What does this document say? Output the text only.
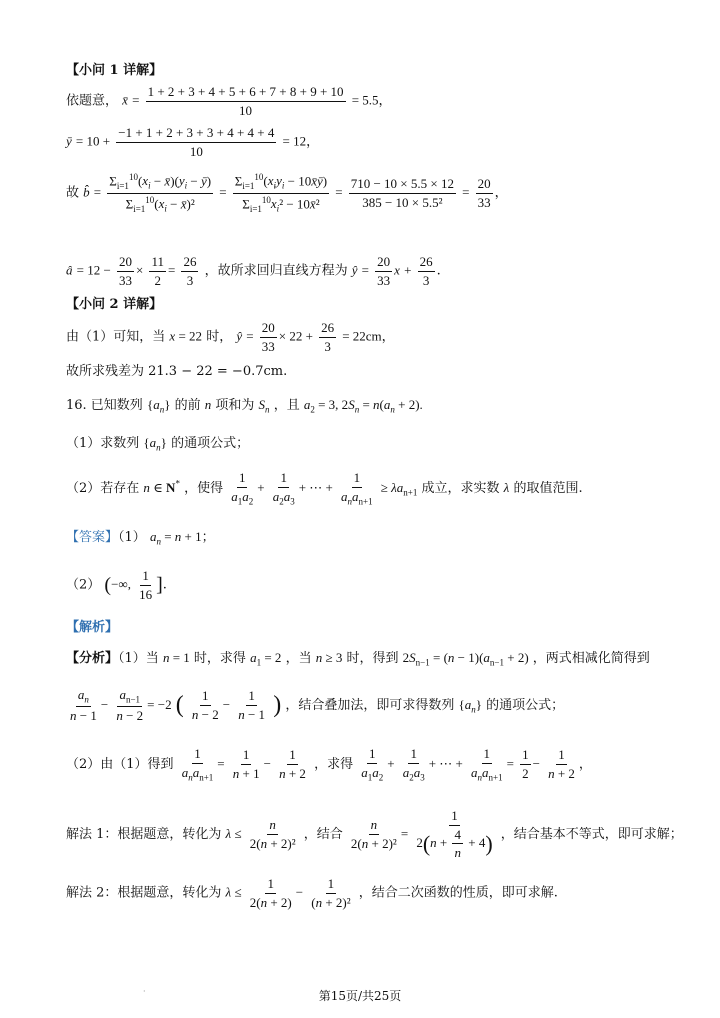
【小问 1 详解】
依题意， x̄ = $\frac{1 + 2 + 3 + 4 + 5 + 6 + 7 + 8 + 9 + 10}{10} = 5.5$，
ȳ = $10 + \frac{-1 + 1 + 2 + 3 + 3 + 4 + 4 + 4}{10} = 12$，
故 b̂ = $\frac{\Sigma_{i=1}^{10}(x_i - x̄)(y_i - ȳ)}{\Sigma_{i=1}^{10}(x_i - x̄)^2} = \frac{\Sigma_{i=1}^{10}(x_iy_i - 10x̄ȳ)}{\Sigma_{i=1}^{10}x_i^2 - 10x̄^2} = \frac{710 - 10 \times 5.5 \times 12}{\text{385 − 10 × 5.5²}} = \frac{20}{33}$ ，
â = $12 - \frac{20}{33} \times \frac{11}{2} = \frac{26}{3}$ ，故所求回归直线方程为 ŷ = $\frac{20}{33}$ $x + \frac{26}{3}$ .
【小问 2 详解】
由（1）可知，当 x = 22 时， ŷ = $\frac{20}{33} \times 22 + \frac{26}{3} = 22cm$，
故所求残差为 21.3 − 22 = −0.7cm.
16. 已知数列 $\{a_n\}$ 的前 n 项和为 $S_n$ ，且 $a_2 = 3$, $2S_n = n(a_n + 2)$.
（1）求数列 $\{a_n\}$ 的通项公式；
（2）若存在 n ∈ N* ，使得 $\frac{1}{a_1a_2} + \frac{1}{a_2a_3}$ + ⋯ + $\frac{1}{a_na_{n+1}} \ge \lambda a_{n+1}$ 成立，求实数 λ 的取值范围.
【答案】（1） $a_n = n + 1$；
（2） (−∞, $\frac{1}{16}$ ].
【解析】
【分析】（1）当 n = 1 时，求得 $a_1 = 2$ ，当 n ≥ 3 时，得到 $2S_{n-1} = (n - 1)(a_{n-1} + 2)$ ，两式相减化简得到
$\frac{a_n}{n - 1} - \frac{a_{n-1}}{n - 2} = -2$ ( $\frac{1}{n - 2} - \frac{1}{n - 1}$ ) ，结合叠加法，即可求得数列 $\{a_n\}$ 的通项公式；
（2）由（1）得到 $\frac{1}{a_na_{n+1}} = \frac{1}{n + 1} - \frac{1}{n + 2}$ ，求得 $\frac{1}{a_1a_2} + \frac{1}{a_2a_3}$ + ⋯ + $\frac{1}{a_na_{n+1}} = \frac{1}{2} - \frac{1}{n + 2}$ ，
解法 1：根据题意，转化为 $\lambda \le \frac{n}{\text{2(n + 2)²}}$ ，结合 $\frac{n}{\text{2(n + 2)²}} = \frac{1}{2(n + \frac{4}{n} + 4)}$ ，结合基本不等式，即可求解；
解法 2：根据题意，转化为 $\lambda \le \frac{1}{2(n + 2)} - \frac{1}{\text{(n + 2)²}}$ ，结合二次函数的性质，即可求解.
·	第15页/共25页
